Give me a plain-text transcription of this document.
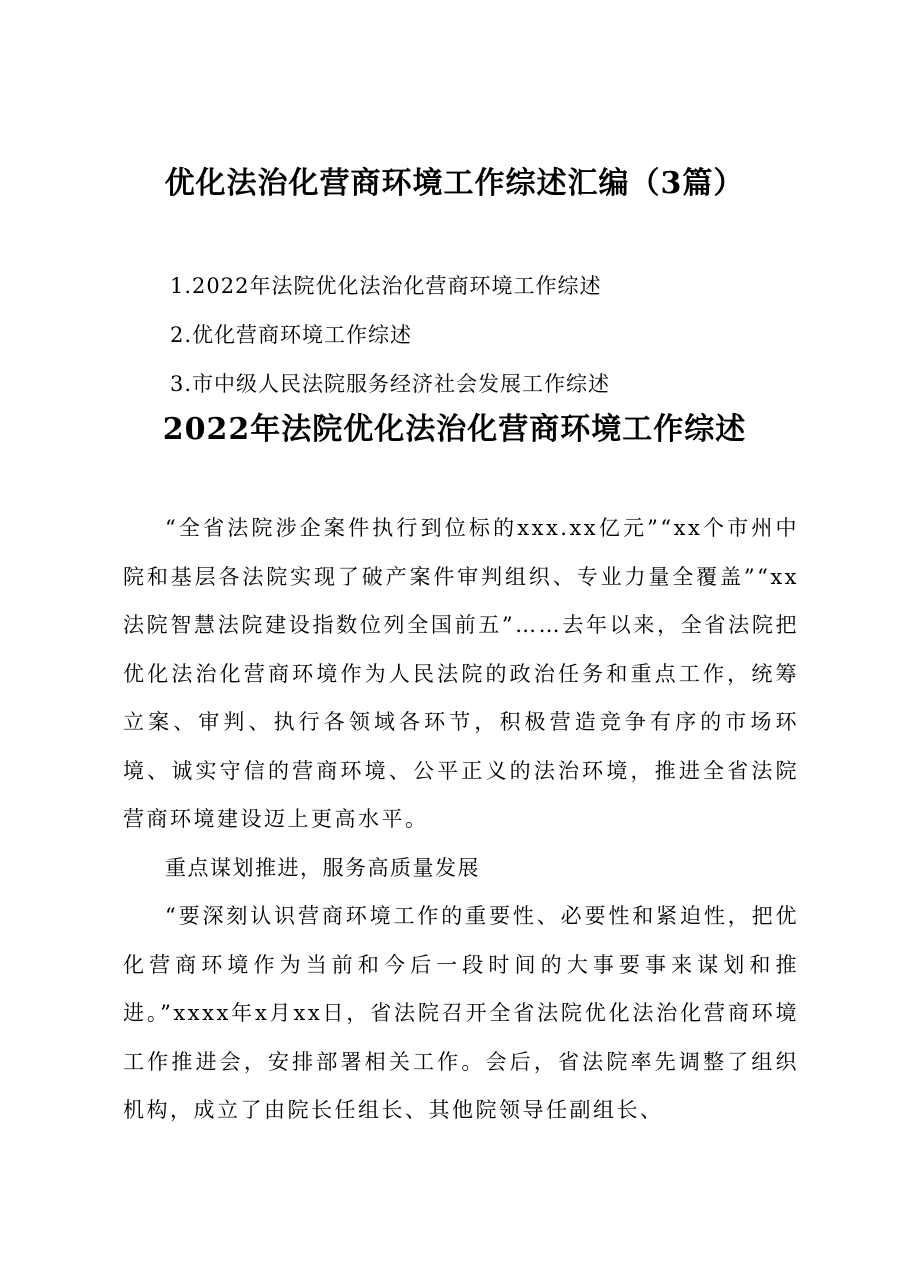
优化法治化营商环境工作综述汇编（3篇）
1.2022年法院优化法治化营商环境工作综述
2.优化营商环境工作综述
3.市中级人民法院服务经济社会发展工作综述
2022年法院优化法治化营商环境工作综述

“全省法院涉企案件执行到位标的xxx.xx亿元”“xx个市州中院和基层各法院实现了破产案件审判组织、专业力量全覆盖”“xx法院智慧法院建设指数位列全国前五”……去年以来，全省法院把优化法治化营商环境作为人民法院的政治任务和重点工作，统筹立案、审判、执行各领域各环节，积极营造竞争有序的市场环境、诚实守信的营商环境、公平正义的法治环境，推进全省法院营商环境建设迈上更高水平。

重点谋划推进，服务高质量发展

“要深刻认识营商环境工作的重要性、必要性和紧迫性，把优化营商环境作为当前和今后一段时间的大事要事来谋划和推进。”xxxx年x月xx日，省法院召开全省法院优化法治化营商环境工作推进会，安排部署相关工作。会后，省法院率先调整了组织机构，成立了由院长任组长、其他院领导任副组长、
